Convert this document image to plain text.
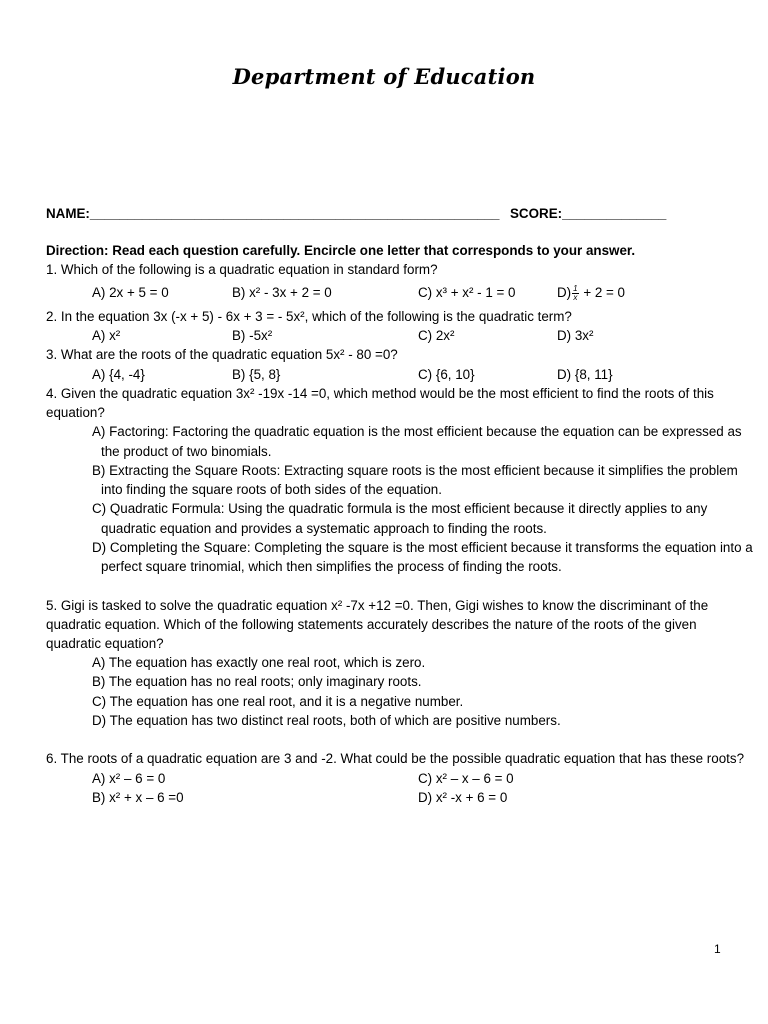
Department of Education
NAME:_______________________________________________________ SCORE:______________
Direction: Read each question carefully. Encircle one letter that corresponds to your answer.
1. Which of the following is a quadratic equation in standard form?
A) 2x + 5 = 0	B) x² - 3x + 2 = 0	C) x³ + x² - 1 = 0	$D) \frac{1}{x} + 2 = 0$
2. In the equation 3x (-x + 5) - 6x + 3 = - 5x², which of the following is the quadratic term?
A) x²	B) -5x²	C) 2x²	D) 3x²
3. What are the roots of the quadratic equation 5x² - 80 =0?
A) {4, -4}	B) {5, 8}	C) {6, 10}	D) {8, 11}
4. Given the quadratic equation 3x² -19x -14 =0, which method would be the most efficient to find the roots of this
equation?
A) Factoring: Factoring the quadratic equation is the most efficient because the equation can be expressed as
the product of two binomials.
B) Extracting the Square Roots: Extracting square roots is the most efficient because it simplifies the problem
into finding the square roots of both sides of the equation.
C) Quadratic Formula: Using the quadratic formula is the most efficient because it directly applies to any
quadratic equation and provides a systematic approach to finding the roots.
D) Completing the Square: Completing the square is the most efficient because it transforms the equation into a
perfect square trinomial, which then simplifies the process of finding the roots.
5. Gigi is tasked to solve the quadratic equation x² -7x +12 =0. Then, Gigi wishes to know the discriminant of the
quadratic equation. Which of the following statements accurately describes the nature of the roots of the given
quadratic equation?
A) The equation has exactly one real root, which is zero.
B) The equation has no real roots; only imaginary roots.
C) The equation has one real root, and it is a negative number.
D) The equation has two distinct real roots, both of which are positive numbers.
6. The roots of a quadratic equation are 3 and -2. What could be the possible quadratic equation that has these roots?
A) x² – 6 = 0	C) x² – x – 6 = 0
B) x² + x – 6 =0	D) x² -x + 6 = 0
1
